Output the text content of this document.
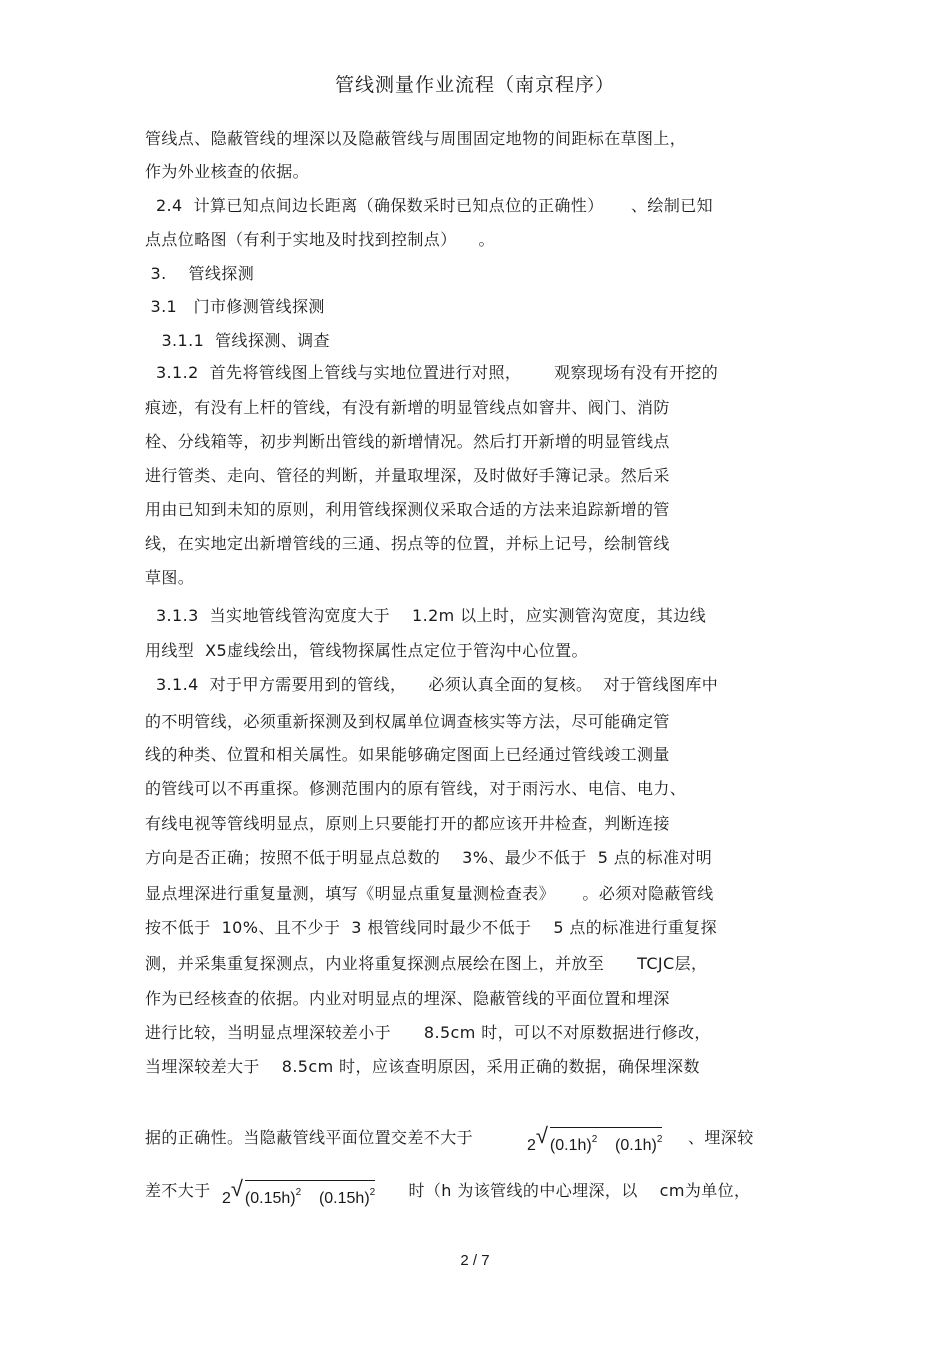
管线测量作业流程（南京程序）
管线点、隐蔽管线的埋深以及隐蔽管线与周围固定地物的间距标在草图上，
作为外业核查的依据。
2.4  计算已知点间边长距离（确保数采时已知点位的正确性）     、绘制已知
点点位略图（有利于实地及时找到控制点）    。
3.    管线探测
3.1   门市修测管线探测
3.1.1  管线探测、调查
3.1.2  首先将管线图上管线与实地位置进行对照，      观察现场有没有开挖的
痕迹，有没有上杆的管线，有没有新增的明显管线点如窨井、阀门、消防
栓、分线箱等，初步判断出管线的新增情况。然后打开新增的明显管线点
进行管类、走向、管径的判断，并量取埋深，及时做好手簿记录。然后采
用由已知到未知的原则，利用管线探测仪采取合适的方法来追踪新增的管
线，在实地定出新增管线的三通、拐点等的位置，并标上记号，绘制管线
草图。
3.1.3  当实地管线管沟宽度大于    1.2m 以上时，应实测管沟宽度，其边线
用线型  X5虚线绘出，管线物探属性点定位于管沟中心位置。
3.1.4  对于甲方需要用到的管线，    必须认真全面的复核。  对于管线图库中
的不明管线，必须重新探测及到权属单位调查核实等方法，尽可能确定管
线的种类、位置和相关属性。如果能够确定图面上已经通过管线竣工测量
的管线可以不再重探。修测范围内的原有管线，对于雨污水、电信、电力、
有线电视等管线明显点，原则上只要能打开的都应该开井检查，判断连接
方向是否正确；按照不低于明显点总数的    3%、最少不低于  5 点的标准对明
显点埋深进行重复量测，填写《明显点重复量测检查表》     。必须对隐蔽管线
按不低于  10%、且不少于  3 根管线同时最少不低于    5 点的标准进行重复探
测，并采集重复探测点，内业将重复探测点展绘在图上，并放至      TCJC层，
作为已经核查的依据。内业对明显点的埋深、隐蔽管线的平面位置和埋深
进行比较，当明显点埋深较差小于      8.5cm 时，可以不对原数据进行修改，
当埋深较差大于    8.5cm 时，应该查明原因，采用正确的数据，确保埋深数
据的正确性。当隐蔽管线平面位置交差不大于	2 √ $(0.1h)^2$ $(0.1h)^2$ 、埋深较
差不大于 2 √ $(0.15h)^2$ $(0.15h)^2$ 时（h 为该管线的中心埋深，以    cm为单位，
2 / 7
